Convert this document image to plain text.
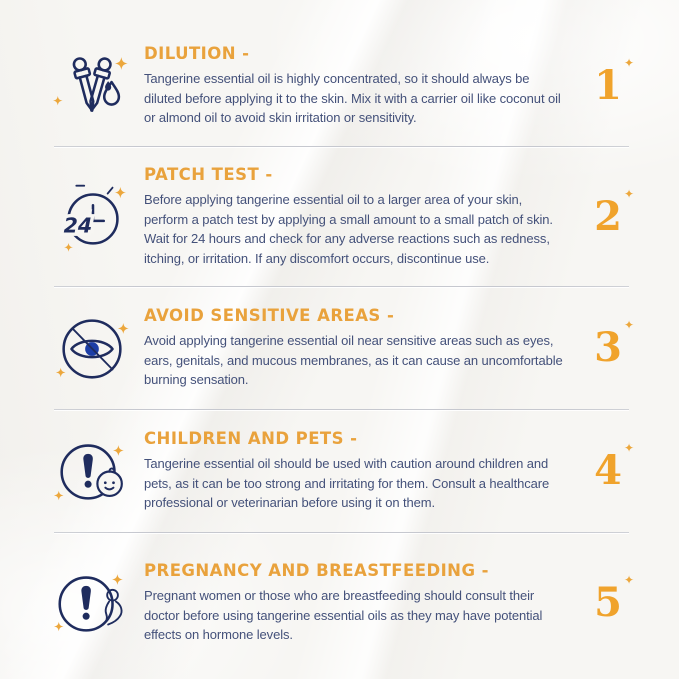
DILUTION -

Tangerine essential oil is highly concentrated, so it should always be diluted before applying it to the skin. Mix it with a carrier oil like coconut oil or almond oil to avoid skin irritation or sensitivity.

1 ✦
24
PATCH TEST -

Before applying tangerine essential oil to a larger area of your skin, perform a patch test by applying a small amount to a small patch of skin. Wait for 24 hours and check for any adverse reactions such as redness, itching, or irritation. If any discomfort occurs, discontinue use.

2 ✦
AVOID SENSITIVE AREAS -

Avoid applying tangerine essential oil near sensitive areas such as eyes, ears, genitals, and mucous membranes, as it can cause an uncomfortable burning sensation.

3 ✦
CHILDREN AND PETS -

Tangerine essential oil should be used with caution around children and pets, as it can be too strong and irritating for them. Consult a healthcare professional or veterinarian before using it on them.

4 ✦
PREGNANCY AND BREASTFEEDING -

Pregnant women or those who are breastfeeding should consult their doctor before using tangerine essential oils as they may have potential effects on hormone levels.

5 ✦
